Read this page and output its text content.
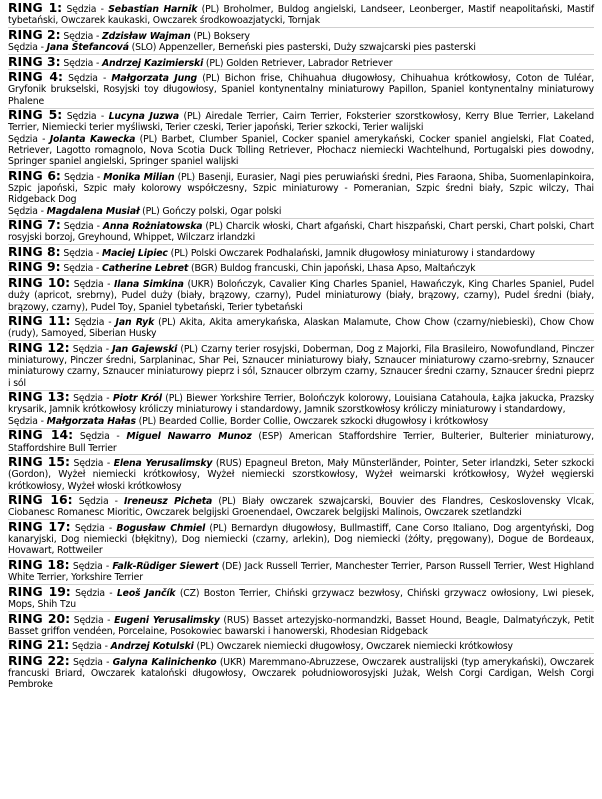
RING 1: Sędzia - Sebastian Harnik (PL) Broholmer, Buldog angielski, Landseer, Leonberger, Mastif neapolitański, Mastif tybetański, Owczarek kaukaski, Owczarek środkowoazjatycki, Tornjak

RING 2: Sędzia - Zdzisław Wajman (PL) Boksery

Sędzia - Jana Štefancová (SLO) Appenzeller, Berneński pies pasterski, Duży szwajcarski pies pasterski

RING 3: Sędzia - Andrzej Kazimierski (PL) Golden Retriever, Labrador Retriever

RING 4: Sędzia - Małgorzata Jung (PL) Bichon frise, Chihuahua długowłosy, Chihuahua krótkowłosy, Coton de Tuléar, Gryfonik brukselski, Rosyjski toy długowłosy, Spaniel kontynentalny miniaturowy Papillon, Spaniel kontynentalny miniaturowy Phalene

RING 5: Sędzia - Lucyna Juzwa (PL) Airedale Terrier, Cairn Terrier, Foksterier szorstkowłosy, Kerry Blue Terrier, Lakeland Terrier, Niemiecki terier myśliwski, Terier czeski, Terier japoński, Terier szkocki, Terier walijski

Sędzia - Jolanta Kawecka (PL) Barbet, Clumber Spaniel, Cocker spaniel amerykański, Cocker spaniel angielski, Flat Coated, Retriever, Lagotto romagnolo, Nova Scotia Duck Tolling Retriever, Płochacz niemiecki Wachtelhund, Portugalski pies dowodny, Springer spaniel angielski, Springer spaniel walijski

RING 6: Sędzia - Monika Milian (PL) Basenji, Eurasier, Nagi pies peruwiański średni, Pies Faraona, Shiba, Suomenlapinkoira, Szpic japoński, Szpic mały kolorowy współczesny, Szpic miniaturowy - Pomeranian, Szpic średni biały, Szpic wilczy, Thai Ridgeback Dog

Sędzia - Magdalena Musiał (PL) Gończy polski, Ogar polski

RING 7: Sędzia - Anna Rożniatowska (PL) Charcik włoski, Chart afgański, Chart hiszpański, Chart perski, Chart polski, Chart rosyjski borzoj, Greyhound, Whippet, Wilczarz irlandzki

RING 8: Sędzia - Maciej Lipiec (PL) Polski Owczarek Podhalański, Jamnik długowłosy miniaturowy i standardowy

RING 9: Sędzia - Catherine Lebret (BGR) Buldog francuski, Chin japoński, Lhasa Apso, Maltańczyk

RING 10: Sędzia - Ilana Simkina (UKR) Bolończyk, Cavalier King Charles Spaniel, Hawańczyk, King Charles Spaniel, Pudel duży (apricot, srebrny), Pudel duży (biały, brązowy, czarny), Pudel miniaturowy (biały, brązowy, czarny), Pudel średni (biały, brązowy, czarny), Pudel Toy, Spaniel tybetański, Terier tybetański

RING 11: Sędzia - Jan Ryk (PL) Akita, Akita amerykańska, Alaskan Malamute, Chow Chow (czarny/niebieski), Chow Chow (rudy), Samoyed, Siberian Husky

RING 12: Sędzia - Jan Gajewski (PL) Czarny terier rosyjski, Doberman, Dog z Majorki, Fila Brasileiro, Nowofundland, Pinczer miniaturowy, Pinczer średni, Sarplaninac, Shar Pei, Sznaucer miniaturowy biały, Sznaucer miniaturowy czarno-srebrny, Sznaucer miniaturowy czarny, Sznaucer miniaturowy pieprz i sól, Sznaucer olbrzym czarny, Sznaucer średni czarny, Sznaucer średni pieprz i sól

RING 13: Sędzia - Piotr Król (PL) Biewer Yorkshire Terrier, Bolończyk kolorowy, Louisiana Catahoula, Łajka jakucka, Prazsky krysarik, Jamnik krótkowłosy króliczy miniaturowy i standardowy, Jamnik szorstkowłosy króliczy miniaturowy i standardowy,

Sędzia - Małgorzata Hałas (PL) Bearded Collie, Border Collie, Owczarek szkocki długowłosy i krótkowłosy

RING 14: Sędzia - Miguel Nawarro Munoz (ESP) American Staffordshire Terrier, Bulterier, Bulterier miniaturowy, Staffordshire Bull Terrier

RING 15: Sędzia - Elena Yerusalimsky (RUS) Epagneul Breton, Mały Münsterländer, Pointer, Seter irlandzki, Seter szkocki (Gordon), Wyżeł niemiecki krótkowłosy, Wyżeł niemiecki szorstkowłosy, Wyżeł weimarski krótkowłosy, Wyżeł węgierski krótkowłosy, Wyżeł włoski krótkowłosy

RING 16: Sędzia - Ireneusz Picheta (PL) Biały owczarek szwajcarski, Bouvier des Flandres, Ceskoslovensky Vlcak, Ciobanesc Romanesc Mioritic, Owczarek belgijski Groenendael, Owczarek belgijski Malinois, Owczarek szetlandzki

RING 17: Sędzia - Bogusław Chmiel (PL) Bernardyn długowłosy, Bullmastiff, Cane Corso Italiano, Dog argentyński, Dog kanaryjski, Dog niemiecki (błękitny), Dog niemiecki (czarny, arlekin), Dog niemiecki (żółty, pręgowany), Dogue de Bordeaux, Hovawart, Rottweiler

RING 18: Sędzia - Falk-Rüdiger Siewert (DE) Jack Russell Terrier, Manchester Terrier, Parson Russell Terrier, West Highland White Terrier, Yorkshire Terrier

RING 19: Sędzia - Leoš Jančík (CZ) Boston Terrier, Chiński grzywacz bezwłosy, Chiński grzywacz owłosiony, Lwi piesek, Mops, Shih Tzu

RING 20: Sędzia - Eugeni Yerusalimsky (RUS) Basset artezyjsko-normandzki, Basset Hound, Beagle, Dalmatyńczyk, Petit Basset griffon vendéen, Porcelaine, Posokowiec bawarski i hanowerski, Rhodesian Ridgeback

RING 21: Sędzia - Andrzej Kotulski (PL) Owczarek niemiecki długowłosy, Owczarek niemiecki krótkowłosy

RING 22: Sędzia - Galyna Kalinichenko (UKR) Maremmano-Abruzzese, Owczarek australijski (typ amerykański), Owczarek francuski Briard, Owczarek kataloński długowłosy, Owczarek południoworosyjski Jużak, Welsh Corgi Cardigan, Welsh Corgi Pembroke
